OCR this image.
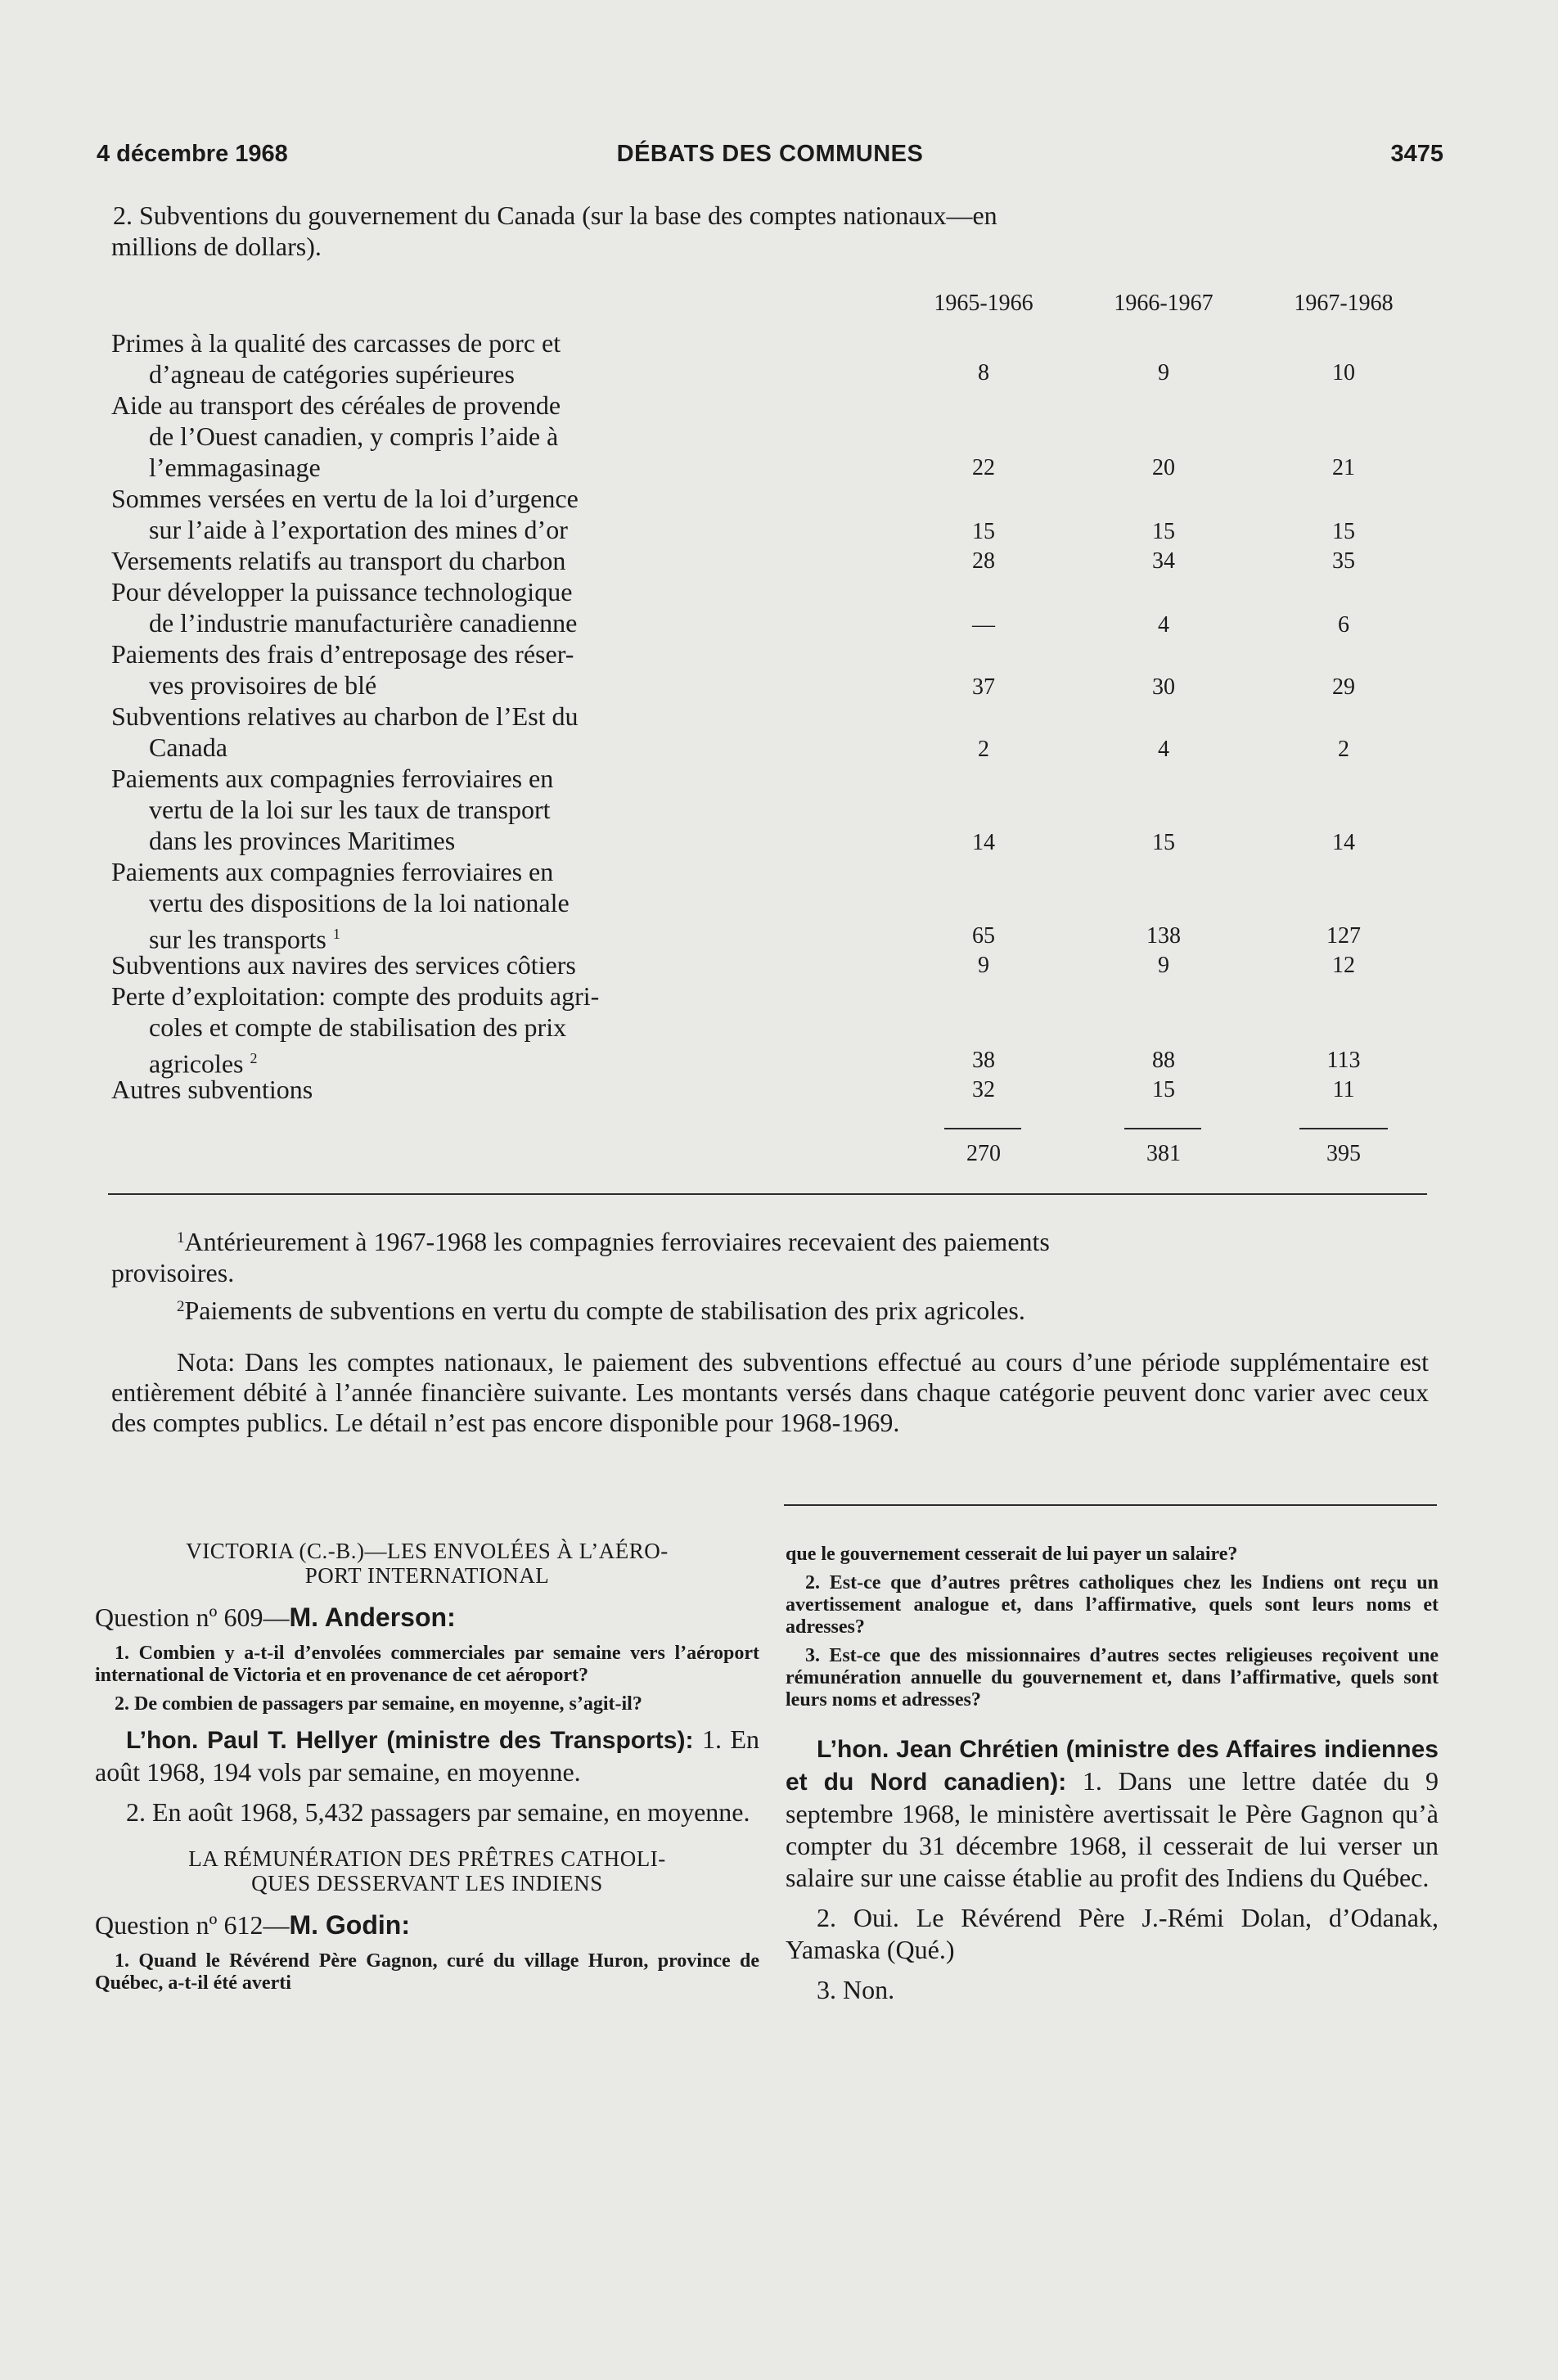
4 décembre 1968	DÉBATS DES COMMUNES	3475
2. Subventions du gouvernement du Canada (sur la base des comptes nationaux—en
millions de dollars).
1965-1966	1966-1967	1967-1968
Primes à la qualité des carcasses de porc et
d’agneau de catégories supérieures	8	9	10
Aide au transport des céréales de provende
de l’Ouest canadien, y compris l’aide à
l’emmagasinage	22	20	21
Sommes versées en vertu de la loi d’urgence
sur l’aide à l’exportation des mines d’or	15	15	15
Versements relatifs au transport du charbon	28	34	35
Pour développer la puissance technologique
de l’industrie manufacturière canadienne	—	4	6
Paiements des frais d’entreposage des réser-
ves provisoires de blé	37	30	29
Subventions relatives au charbon de l’Est du
Canada	2	4	2
Paiements aux compagnies ferroviaires en
vertu de la loi sur les taux de transport
dans les provinces Maritimes	14	15	14
Paiements aux compagnies ferroviaires en
vertu des dispositions de la loi nationale
sur les transports $^1$	65	138	127
Subventions aux navires des services côtiers	9	9	12
Perte d’exploitation: compte des produits agri-
coles et compte de stabilisation des prix
agricoles $^2$	38	88	113
Autres subventions	32	15	11
270	381	395
$^1$Antérieurement à 1967-1968 les compagnies ferroviaires recevaient des paiements
provisoires.
$^2$Paiements de subventions en vertu du compte de stabilisation des prix agricoles.
Nota: Dans les comptes nationaux, le paiement des subventions effectué au cours d’une période supplémentaire est entièrement débité à l’année financière suivante. Les montants versés dans chaque catégorie peuvent donc varier avec ceux des comptes publics. Le détail n’est pas encore disponible pour 1968-1969.

VICTORIA (C.-B.)—LES ENVOLÉES À L’AÉRO-
PORT INTERNATIONAL

Question nº 609—M. Anderson:

1. Combien y a-t-il d’envolées commerciales par semaine vers l’aéroport international de Victoria et en provenance de cet aéroport?

2. De combien de passagers par semaine, en moyenne, s’agit-il?

L’hon. Paul T. Hellyer (ministre des Transports): 1. En août 1968, 194 vols par semaine, en moyenne.

2. En août 1968, 5,432 passagers par semaine, en moyenne.

LA RÉMUNÉRATION DES PRÊTRES CATHOLI-
QUES DESSERVANT LES INDIENS

Question nº 612—M. Godin:

1. Quand le Révérend Père Gagnon, curé du village Huron, province de Québec, a-t-il été averti

que le gouvernement cesserait de lui payer un salaire?

2. Est-ce que d’autres prêtres catholiques chez les Indiens ont reçu un avertissement analogue et, dans l’affirmative, quels sont leurs noms et adresses?

3. Est-ce que des missionnaires d’autres sectes religieuses reçoivent une rémunération annuelle du gouvernement et, dans l’affirmative, quels sont leurs noms et adresses?

L’hon. Jean Chrétien (ministre des Affaires indiennes et du Nord canadien): 1. Dans une lettre datée du 9 septembre 1968, le ministère avertissait le Père Gagnon qu’à compter du 31 décembre 1968, il cesserait de lui verser un salaire sur une caisse établie au profit des Indiens du Québec.

2. Oui. Le Révérend Père J.-Rémi Dolan, d’Odanak, Yamaska (Qué.)

3. Non.
